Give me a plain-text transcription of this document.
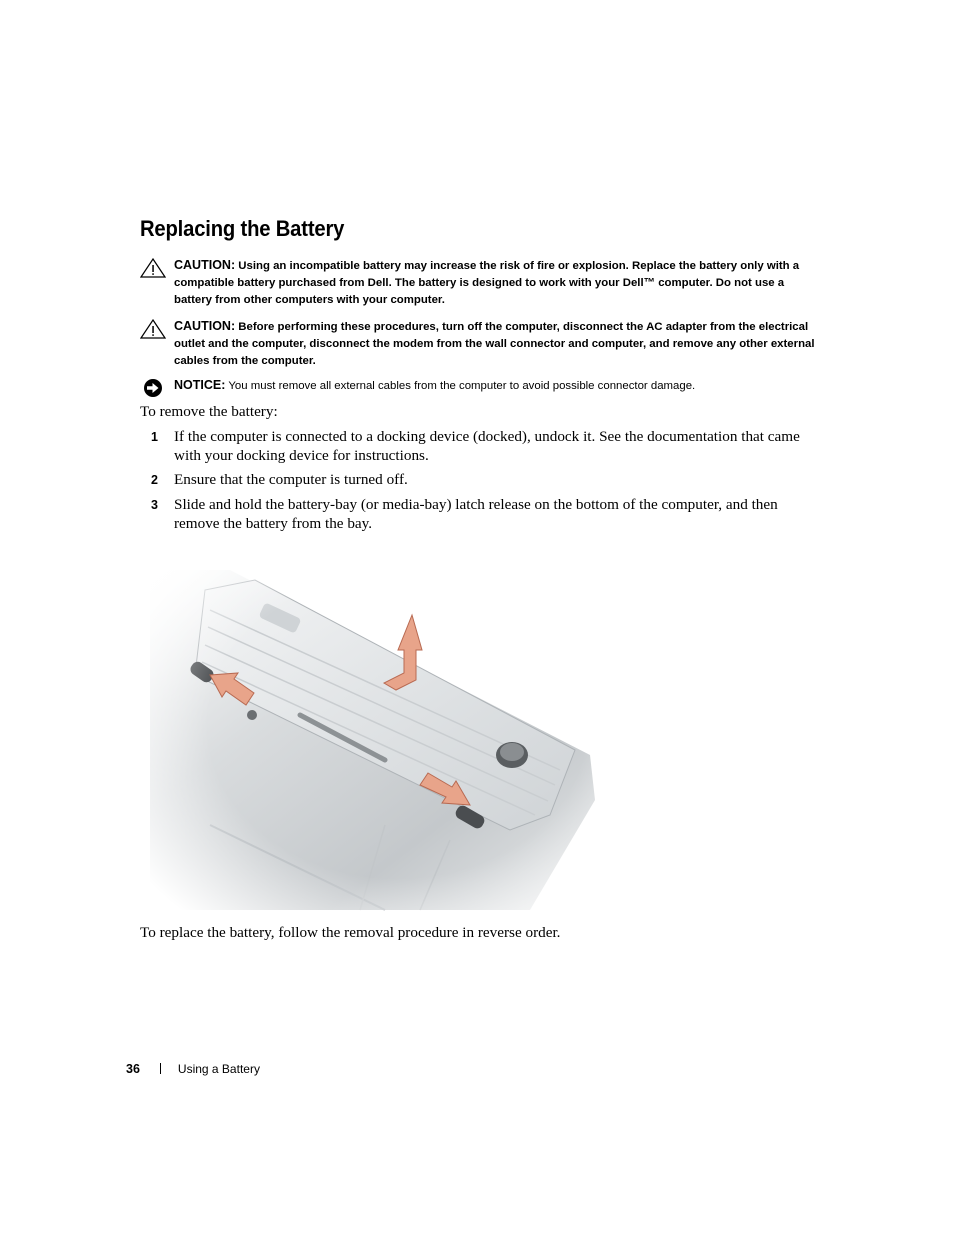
Replacing the Battery
CAUTION: Using an incompatible battery may increase the risk of fire or explosion. Replace the battery only with a compatible battery purchased from Dell. The battery is designed to work with your Dell™ computer. Do not use a battery from other computers with your computer.
CAUTION: Before performing these procedures, turn off the computer, disconnect the AC adapter from the electrical outlet and the computer, disconnect the modem from the wall connector and computer, and remove any other external cables from the computer.
NOTICE: You must remove all external cables from the computer to avoid possible connector damage.
To remove the battery:
1 If the computer is connected to a docking device (docked), undock it. See the documentation that came with your docking device for instructions.
2 Ensure that the computer is turned off.
3 Slide and hold the battery-bay (or media-bay) latch release on the bottom of the computer, and then remove the battery from the bay.
To replace the battery, follow the removal procedure in reverse order.
36	Using a Battery
